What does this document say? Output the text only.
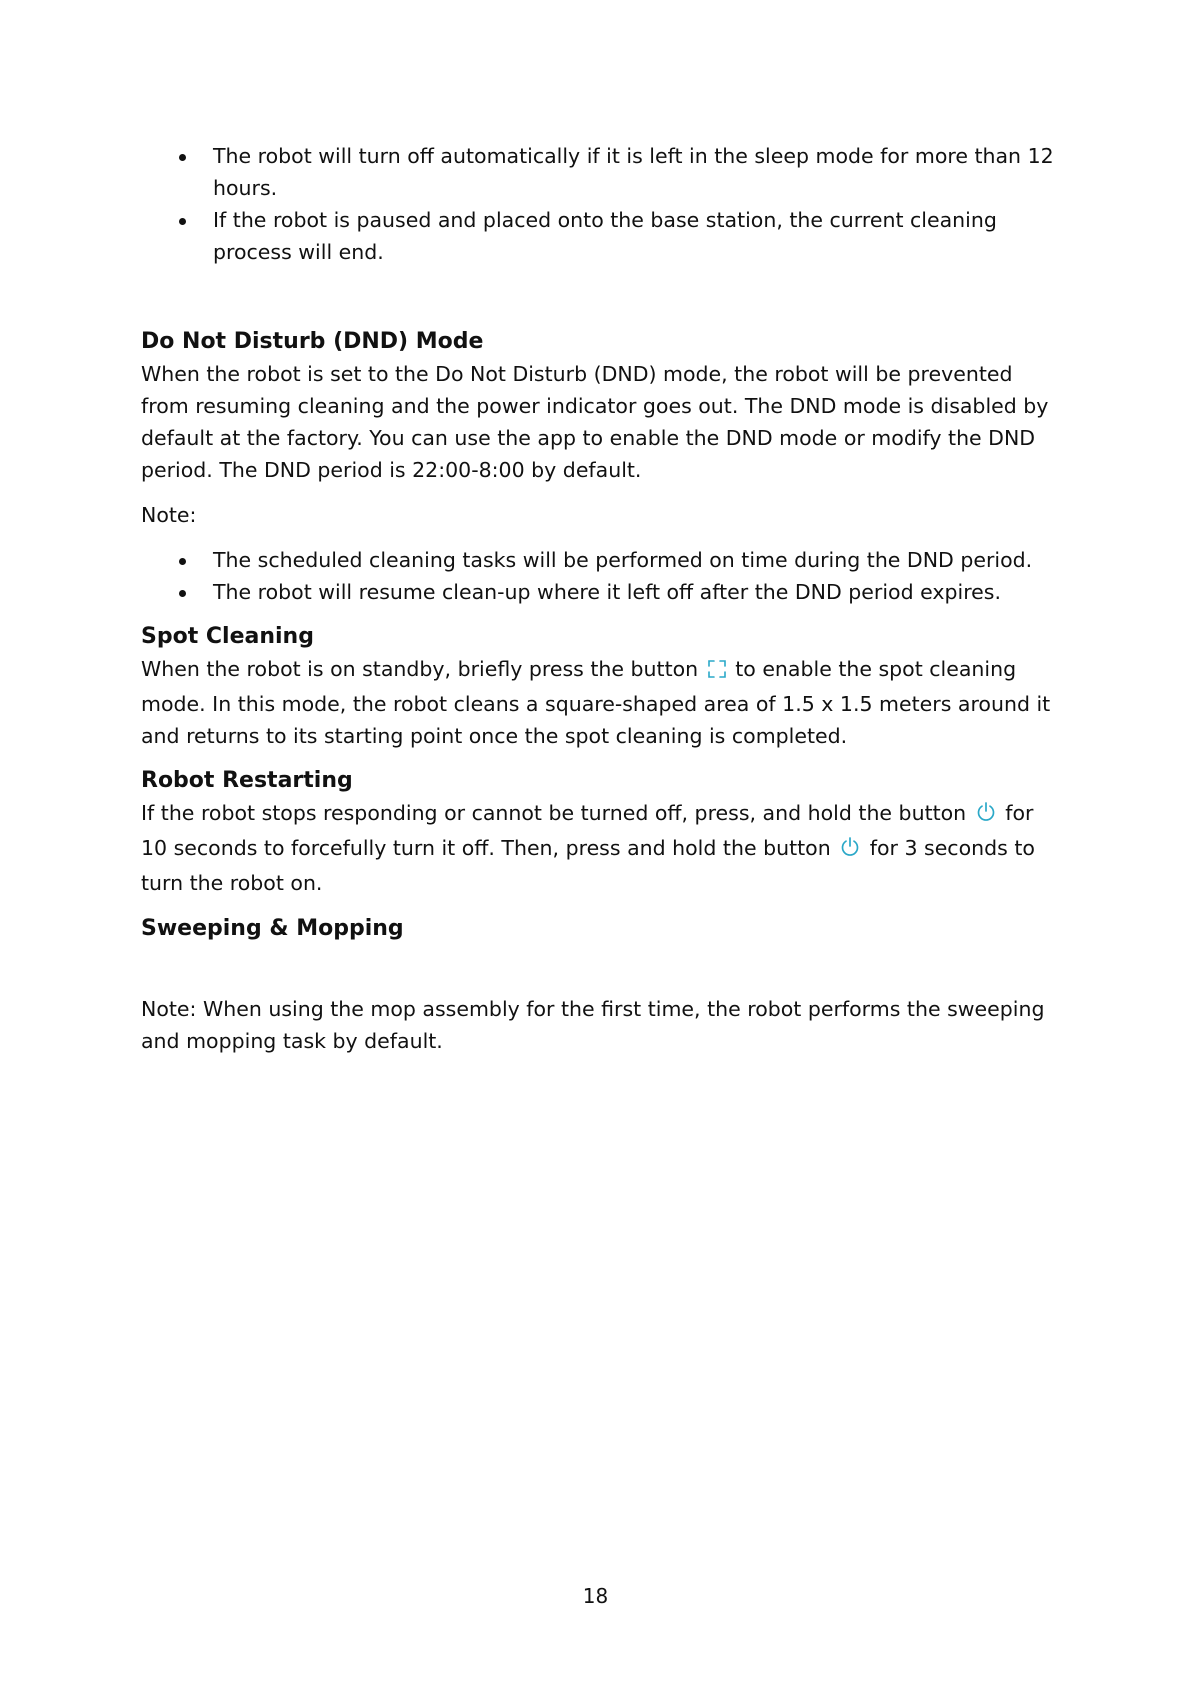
The robot will turn off automatically if it is left in the sleep mode for more than 12 hours.
If the robot is paused and placed onto the base station, the current cleaning process will end.
Do Not Disturb (DND) Mode

When the robot is set to the Do Not Disturb (DND) mode, the robot will be prevented from resuming cleaning and the power indicator goes out. The DND mode is disabled by default at the factory. You can use the app to enable the DND mode or modify the DND period. The DND period is 22:00-8:00 by default.

Note:

The scheduled cleaning tasks will be performed on time during the DND period.
The robot will resume clean-up where it left off after the DND period expires.
Spot Cleaning

When the robot is on standby, briefly press the button to enable the spot cleaning mode. In this mode, the robot cleans a square-shaped area of 1.5 x 1.5 meters around it and returns to its starting point once the spot cleaning is completed.

Robot Restarting

If the robot stops responding or cannot be turned off, press, and hold the button for 10 seconds to forcefully turn it off. Then, press and hold the button for 3 seconds to turn the robot on.

Sweeping & Mopping

Note: When using the mop assembly for the first time, the robot performs the sweeping and mopping task by default.

18
